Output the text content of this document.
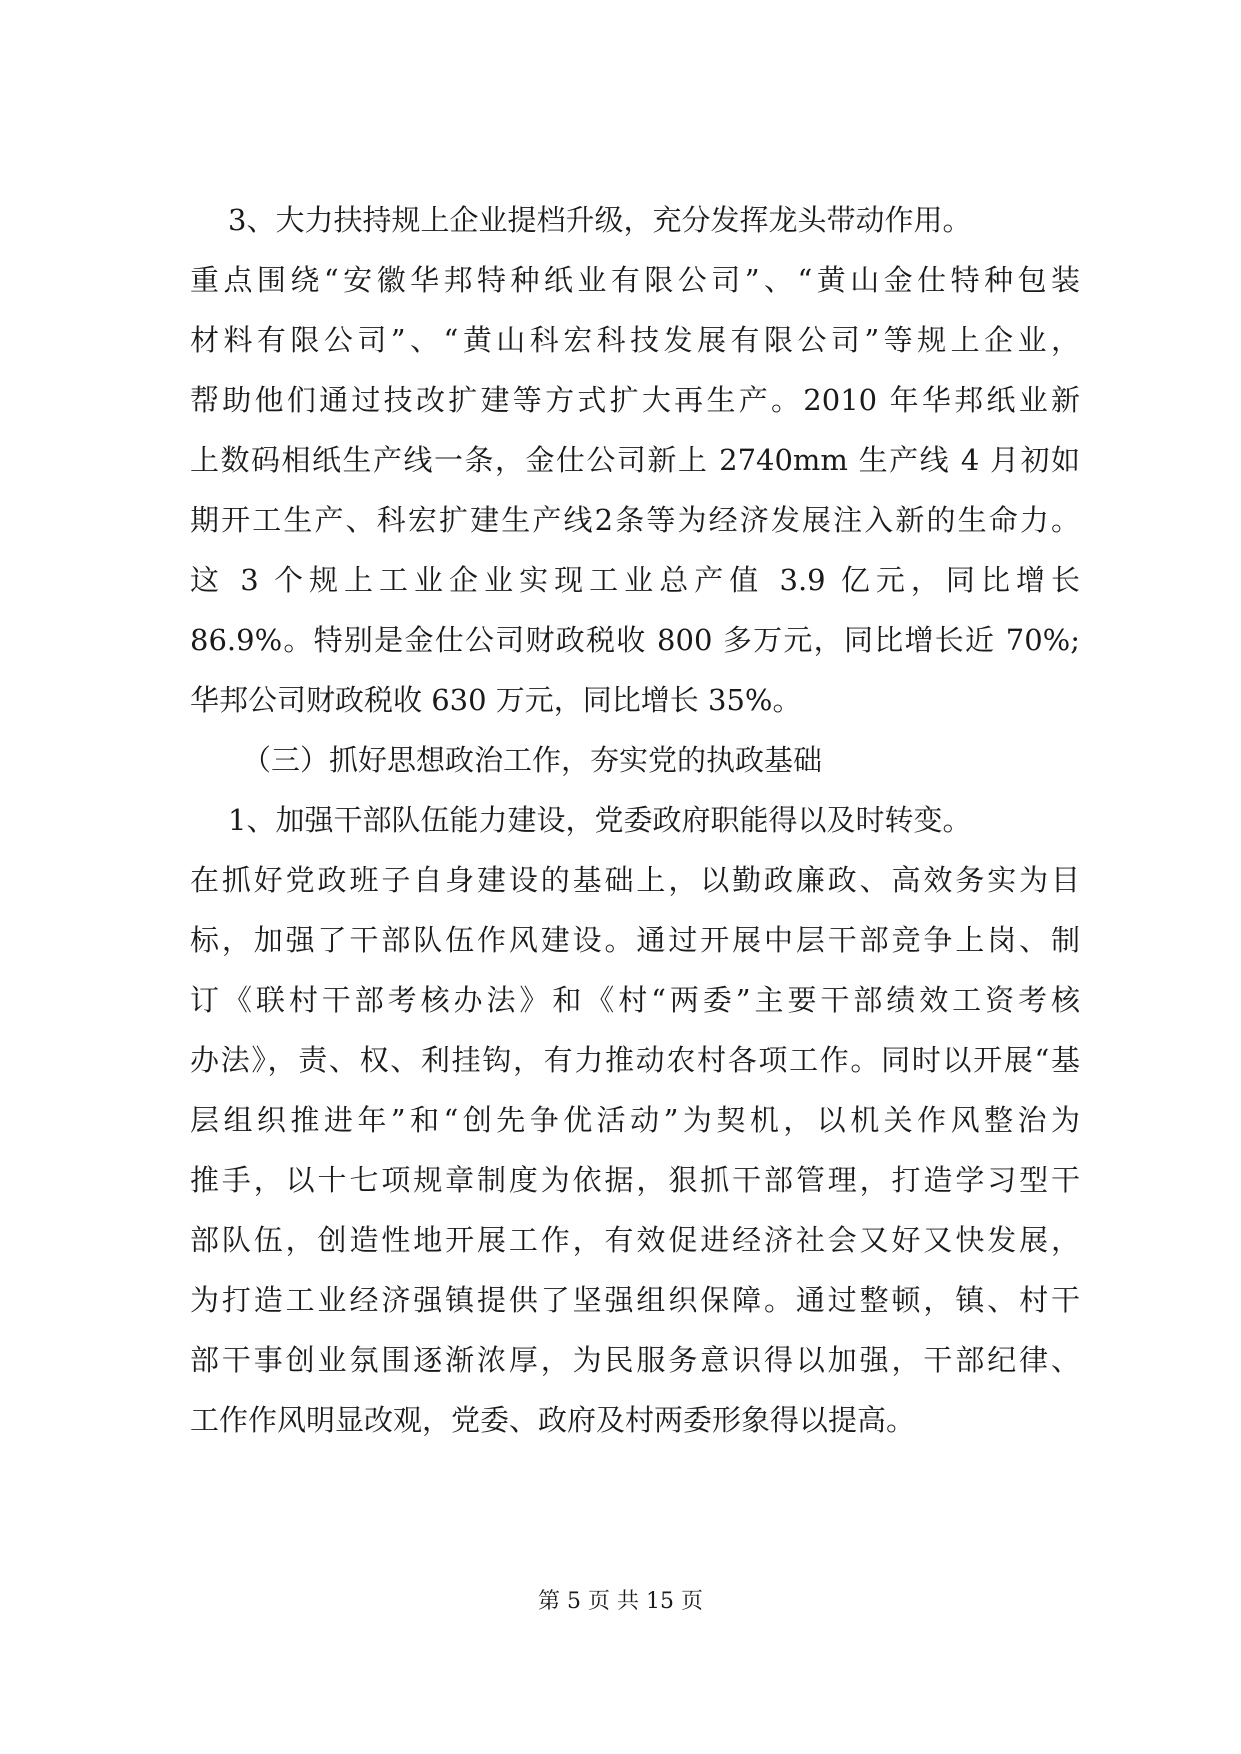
3、大力扶持规上企业提档升级，充分发挥龙头带动作用。
重点围绕“安徽华邦特种纸业有限公司”、“黄山金仕特种包装
材料有限公司”、“黄山科宏科技发展有限公司”等规上企业，
帮助他们通过技改扩建等方式扩大再生产。2010 年华邦纸业新
上数码相纸生产线一条，金仕公司新上 2740mm 生产线 4 月初如
期开工生产、科宏扩建生产线2条等为经济发展注入新的生命力。
这 3 个规上工业企业实现工业总产值 3.9 亿元，同比增长
86.9%。特别是金仕公司财政税收 800 多万元，同比增长近 70%;
华邦公司财政税收 630 万元，同比增长 35%。
（三）抓好思想政治工作，夯实党的执政基础
1、加强干部队伍能力建设，党委政府职能得以及时转变。
在抓好党政班子自身建设的基础上，以勤政廉政、高效务实为目
标，加强了干部队伍作风建设。通过开展中层干部竞争上岗、制
订《联村干部考核办法》和《村“两委”主要干部绩效工资考核
办法》，责、权、利挂钩，有力推动农村各项工作。同时以开展“基
层组织推进年”和“创先争优活动”为契机，以机关作风整治为
推手，以十七项规章制度为依据，狠抓干部管理，打造学习型干
部队伍，创造性地开展工作，有效促进经济社会又好又快发展，
为打造工业经济强镇提供了坚强组织保障。通过整顿，镇、村干
部干事创业氛围逐渐浓厚，为民服务意识得以加强，干部纪律、
工作作风明显改观，党委、政府及村两委形象得以提高。
第 5 页 共 15 页
